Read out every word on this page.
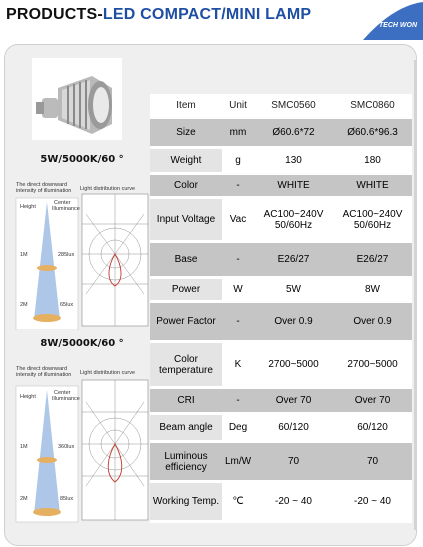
PRODUCTS-LED COMPACT/MINI LAMP
TECH WON
5W/5000K/60 °
The direct downward
intensity of illumination Light distribution curve
Height
Center
Illuminance
1M	285lux
2M	65lux
8W/5000K/60 °
The direct downward
intensity of illumination Light distribution curve
Height
Center
Illuminance
1M	360lux
2M	85lux
Item	Unit	SMC0560	SMC0860
Size	mm	Ø60.6*72	Ø60.6*96.3
Weight	g	130	180
Color	-	WHITE	WHITE
Input Voltage	Vac	AC100~240V 50/60Hz	AC100~240V 50/60Hz
Base	-	E26/27	E26/27
Power	W	5W	8W
Power Factor	-	Over 0.9	Over 0.9
Color temperature	K	2700~5000	2700~5000
CRI	-	Over 70	Over 70
Beam angle	Deg	60/120	60/120
Luminous efficiency	Lm/W	70	70
Working Temp.	℃	-20 ~ 40	-20 ~ 40
